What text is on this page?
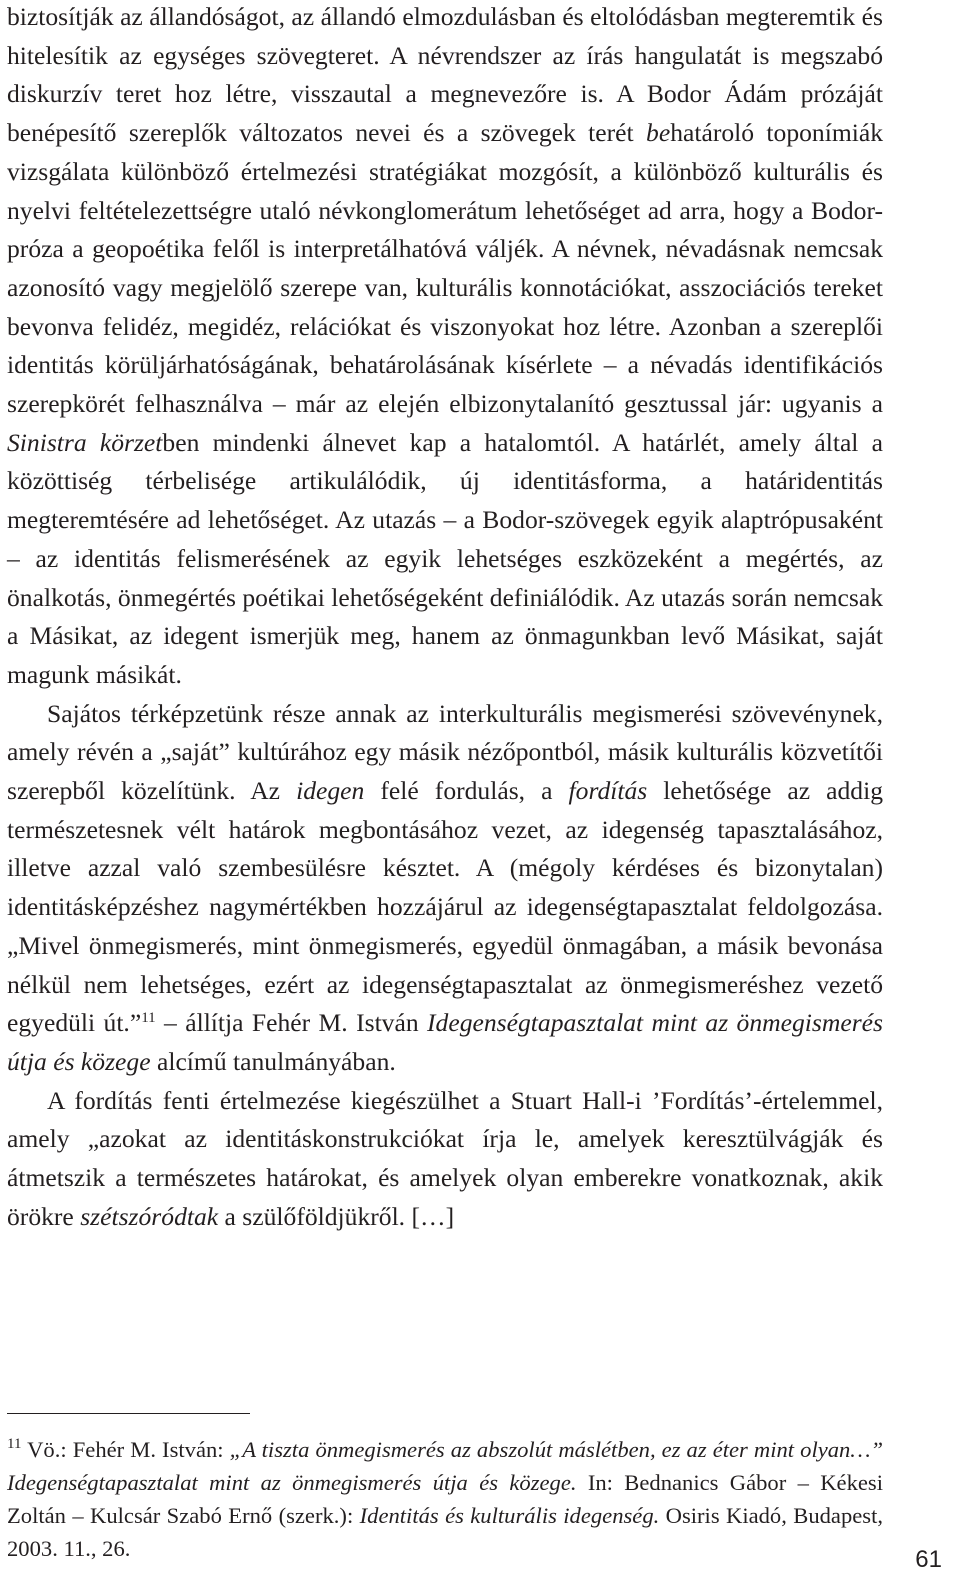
biztosítják az állandóságot, az állandó elmozdulásban és eltolódásban megteremtik és hitelesítik az egységes szövegteret. A névrendszer az írás hangulatát is megszabó diskurzív teret hoz létre, visszautal a megnevezőre is. A Bodor Ádám prózáját benépesítő szereplők változatos nevei és a szövegek terét behatároló toponímiák vizsgálata különböző értelmezési stratégiákat mozgósít, a különböző kulturális és nyelvi feltételezettségre utaló névkonglomerátum lehetőséget ad arra, hogy a Bodor-próza a geopoétika felől is interpretálhatóvá váljék. A névnek, névadásnak nemcsak azonosító vagy megjelölő szerepe van, kulturális konnotációkat, asszociációs tereket bevonva felidéz, megidéz, relációkat és viszonyokat hoz létre. Azonban a szereplői identitás körüljárhatóságának, behatárolásának kísérlete – a névadás identifikációs szerepkörét felhasználva – már az elején elbizonytalanító gesztussal jár: ugyanis a Sinistra körzetben mindenki álnevet kap a hatalomtól. A határlét, amely által a közöttiség térbelisége artikulálódik, új identitásforma, a határidentitás megteremtésére ad lehetőséget. Az utazás – a Bodor-szövegek egyik alaptrópusaként – az identitás felismerésének az egyik lehetséges eszközeként a megértés, az önalkotás, önmegértés poétikai lehetőségeként definiálódik. Az utazás során nemcsak a Másikat, az idegent ismerjük meg, hanem az önmagunkban levő Másikat, saját magunk másikát.

Sajátos térképzetünk része annak az interkulturális megismerési szövevénynek, amely révén a „saját” kultúrához egy másik nézőpontból, másik kulturális közvetítői szerepből közelítünk. Az idegen felé fordulás, a fordítás lehetősége az addig természetesnek vélt határok megbontásához vezet, az idegenség tapasztalásához, illetve azzal való szembesülésre késztet. A (mégoly kérdéses és bizonytalan) identitásképzéshez nagymértékben hozzájárul az idegenségtapasztalat feldolgozása. „Mivel önmegismerés, mint önmegismerés, egyedül önmagában, a másik bevonása nélkül nem lehetséges, ezért az idegenségtapasztalat az önmegismeréshez vezető egyedüli út.”$^{11}$ – állítja Fehér M. István Idegenségtapasztalat mint az önmegismerés útja és közege alcímű tanulmányában.

A fordítás fenti értelmezése kiegészülhet a Stuart Hall-i ’Fordítás’-értelemmel, amely „azokat az identitáskonstrukciókat írja le, amelyek keresztülvágják és átmetszik a természetes határokat, és amelyek olyan emberekre vonatkoznak, akik örökre szétszóródtak a szülőföldjükről. […]

$^{11}$ Vö.: Fehér M. István: „A tiszta önmegismerés az abszolút máslétben, ez az éter mint olyan…” Idegenségtapasztalat mint az önmegismerés útja és közege. In: Bednanics Gábor – Kékesi Zoltán – Kulcsár Szabó Ernő (szerk.): Identitás és kulturális idegenség. Osiris Kiadó, Budapest, 2003. 11., 26.	61
